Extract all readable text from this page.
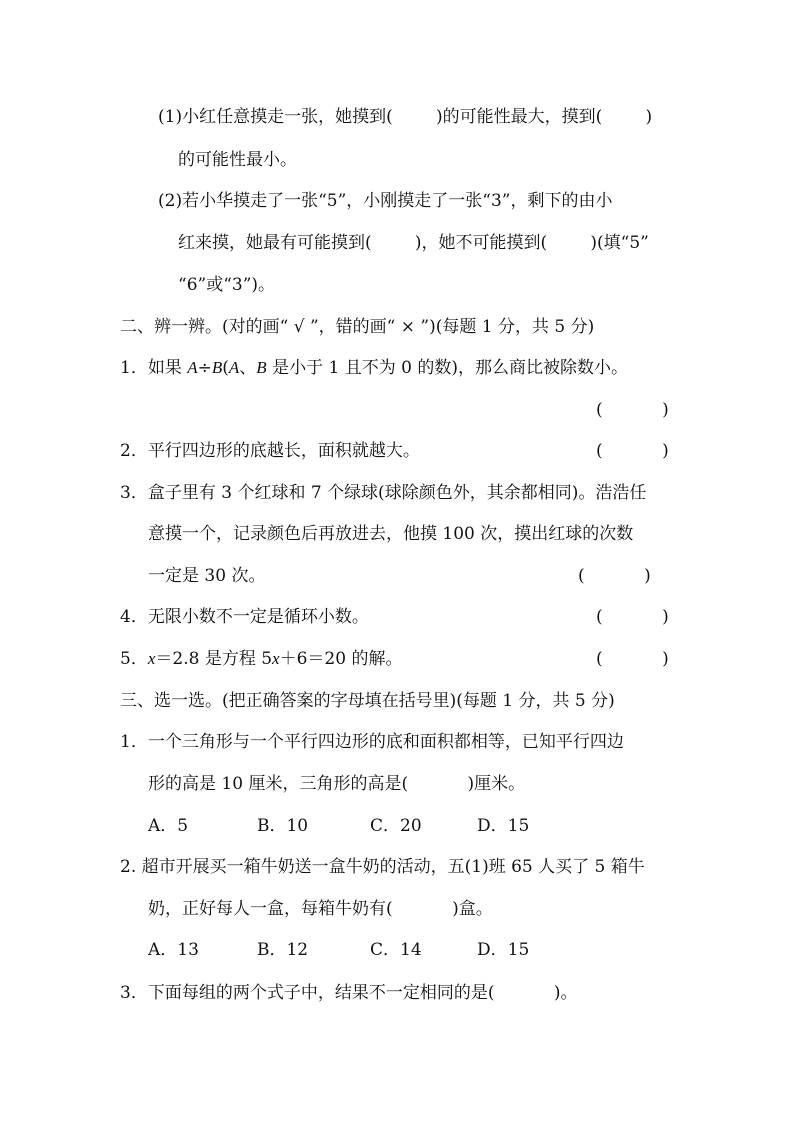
(1)小红任意摸走一张，她摸到(        )的可能性最大，摸到(        )
的可能性最小。
(2)若小华摸走了一张“5”，小刚摸走了一张“3”，剩下的由小
红来摸，她最有可能摸到(        )，她不可能摸到(        )(填“5”
“6”或“3”)。
二、辨一辨。(对的画“ √ ”，错的画“ × ”)(每题 1 分，共 5 分)
1．如果 A÷B(A、B 是小于 1 且不为 0 的数)，那么商比被除数小。
(           )
2．平行四边形的底越长，面积就越大。	(           )
3．盒子里有 3 个红球和 7 个绿球(球除颜色外，其余都相同)。浩浩任
意摸一个，记录颜色后再放进去，他摸 100 次，摸出红球的次数
一定是 30 次。	(           )
4．无限小数不一定是循环小数。	(           )
5．x＝2.8 是方程 5x＋6＝20 的解。	(           )
三、选一选。(把正确答案的字母填在括号里)(每题 1 分，共 5 分)
1．一个三角形与一个平行四边形的底和面积都相等，已知平行四边
形的高是 10 厘米，三角形的高是(           )厘米。
A．5	B．10	C．20	D．15
2. 超市开展买一箱牛奶送一盒牛奶的活动，五(1)班 65 人买了 5 箱牛
奶，正好每人一盒，每箱牛奶有(           )盒。
A．13	B．12	C．14	D．15
3．下面每组的两个式子中，结果不一定相同的是(           )。
